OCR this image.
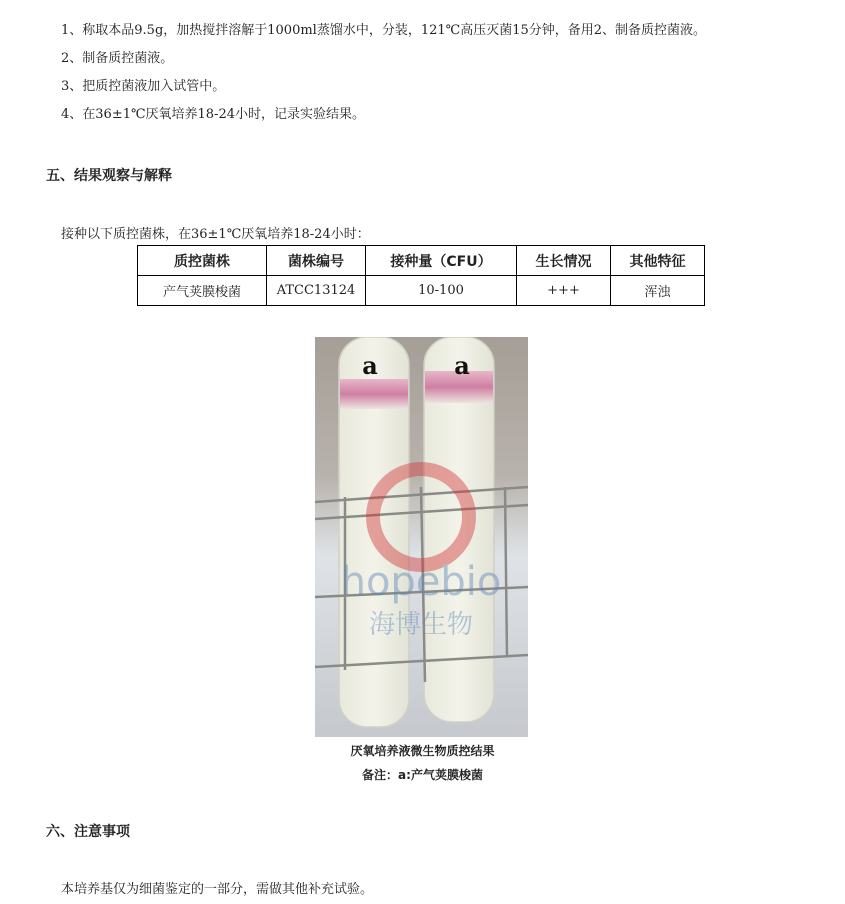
1、称取本品9.5g，加热搅拌溶解于1000ml蒸馏水中，分装，121℃高压灭菌15分钟，备用2、制备质控菌液。
2、制备质控菌液。
3、把质控菌液加入试管中。
4、在36±1℃厌氧培养18-24小时，记录实验结果。
五、结果观察与解释
接种以下质控菌株，在36±1℃厌氧培养18-24小时：
质控菌株	菌株编号	接种量（CFU）	生长情况	其他特征
产气荚膜梭菌	ATCC13124	10-100	+++	浑浊
hopebio
海博生物
a	a
厌氧培养液微生物质控结果
备注：a:产气荚膜梭菌
六、注意事项
本培养基仅为细菌鉴定的一部分，需做其他补充试验。
